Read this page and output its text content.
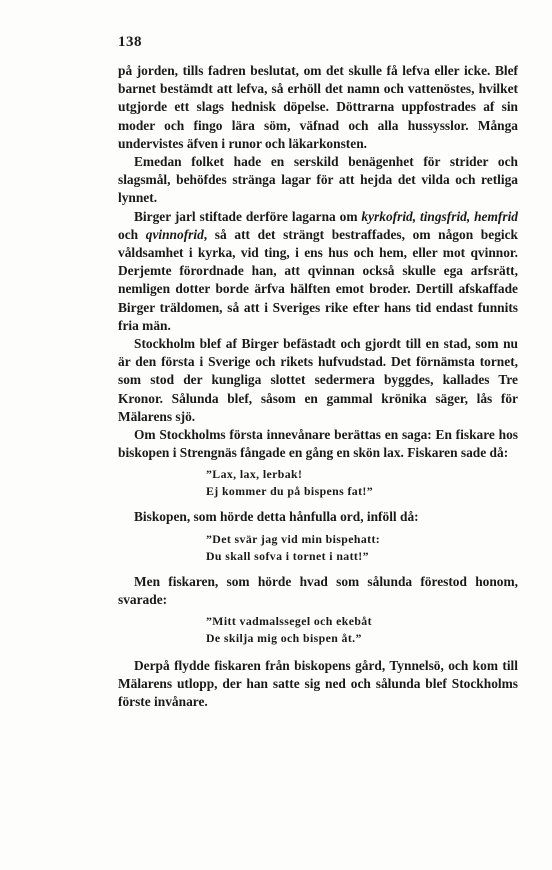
138

på jorden, tills fadren beslutat, om det skulle få lefva eller icke. Blef barnet bestämdt att lefva, så erhöll det namn och vattenöstes, hvilket utgjorde ett slags hednisk döpelse. Döttrarna uppfostrades af sin moder och fingo lära söm, väfnad och alla hussysslor. Många undervistes äfven i runor och läkarkonsten.

Emedan folket hade en serskild benägenhet för strider och slagsmål, behöfdes stränga lagar för att hejda det vilda och retliga lynnet.

Birger jarl stiftade derföre lagarna om kyrkofrid, tingsfrid, hemfrid och qvinnofrid, så att det strängt bestraffades, om någon begick våldsamhet i kyrka, vid ting, i ens hus och hem, eller mot qvinnor. Derjemte förordnade han, att qvinnan också skulle ega arfsrätt, nemligen dotter borde ärfva hälften emot broder. Dertill afskaffade Birger träldomen, så att i Sveriges rike efter hans tid endast funnits fria män.

Stockholm blef af Birger befästadt och gjordt till en stad, som nu är den första i Sverige och rikets hufvudstad. Det förnämsta tornet, som stod der kungliga slottet sedermera byggdes, kallades Tre Kronor. Sålunda blef, såsom en gammal krönika säger, lås för Mälarens sjö.

Om Stockholms första innevånare berättas en saga: En fiskare hos biskopen i Strengnäs fångade en gång en skön lax. Fiskaren sade då:

”Lax, lax, lerbak!
Ej kommer du på bispens fat!”

Biskopen, som hörde detta hånfulla ord, inföll då:

”Det svär jag vid min bispehatt:
Du skall sofva i tornet i natt!”

Men fiskaren, som hörde hvad som sålunda förestod honom, svarade:

”Mitt vadmalssegel och ekebåt
De skilja mig och bispen åt.”

Derpå flydde fiskaren från biskopens gård, Tynnelsö, och kom till Mälarens utlopp, der han satte sig ned och sålunda blef Stockholms förste invånare.
